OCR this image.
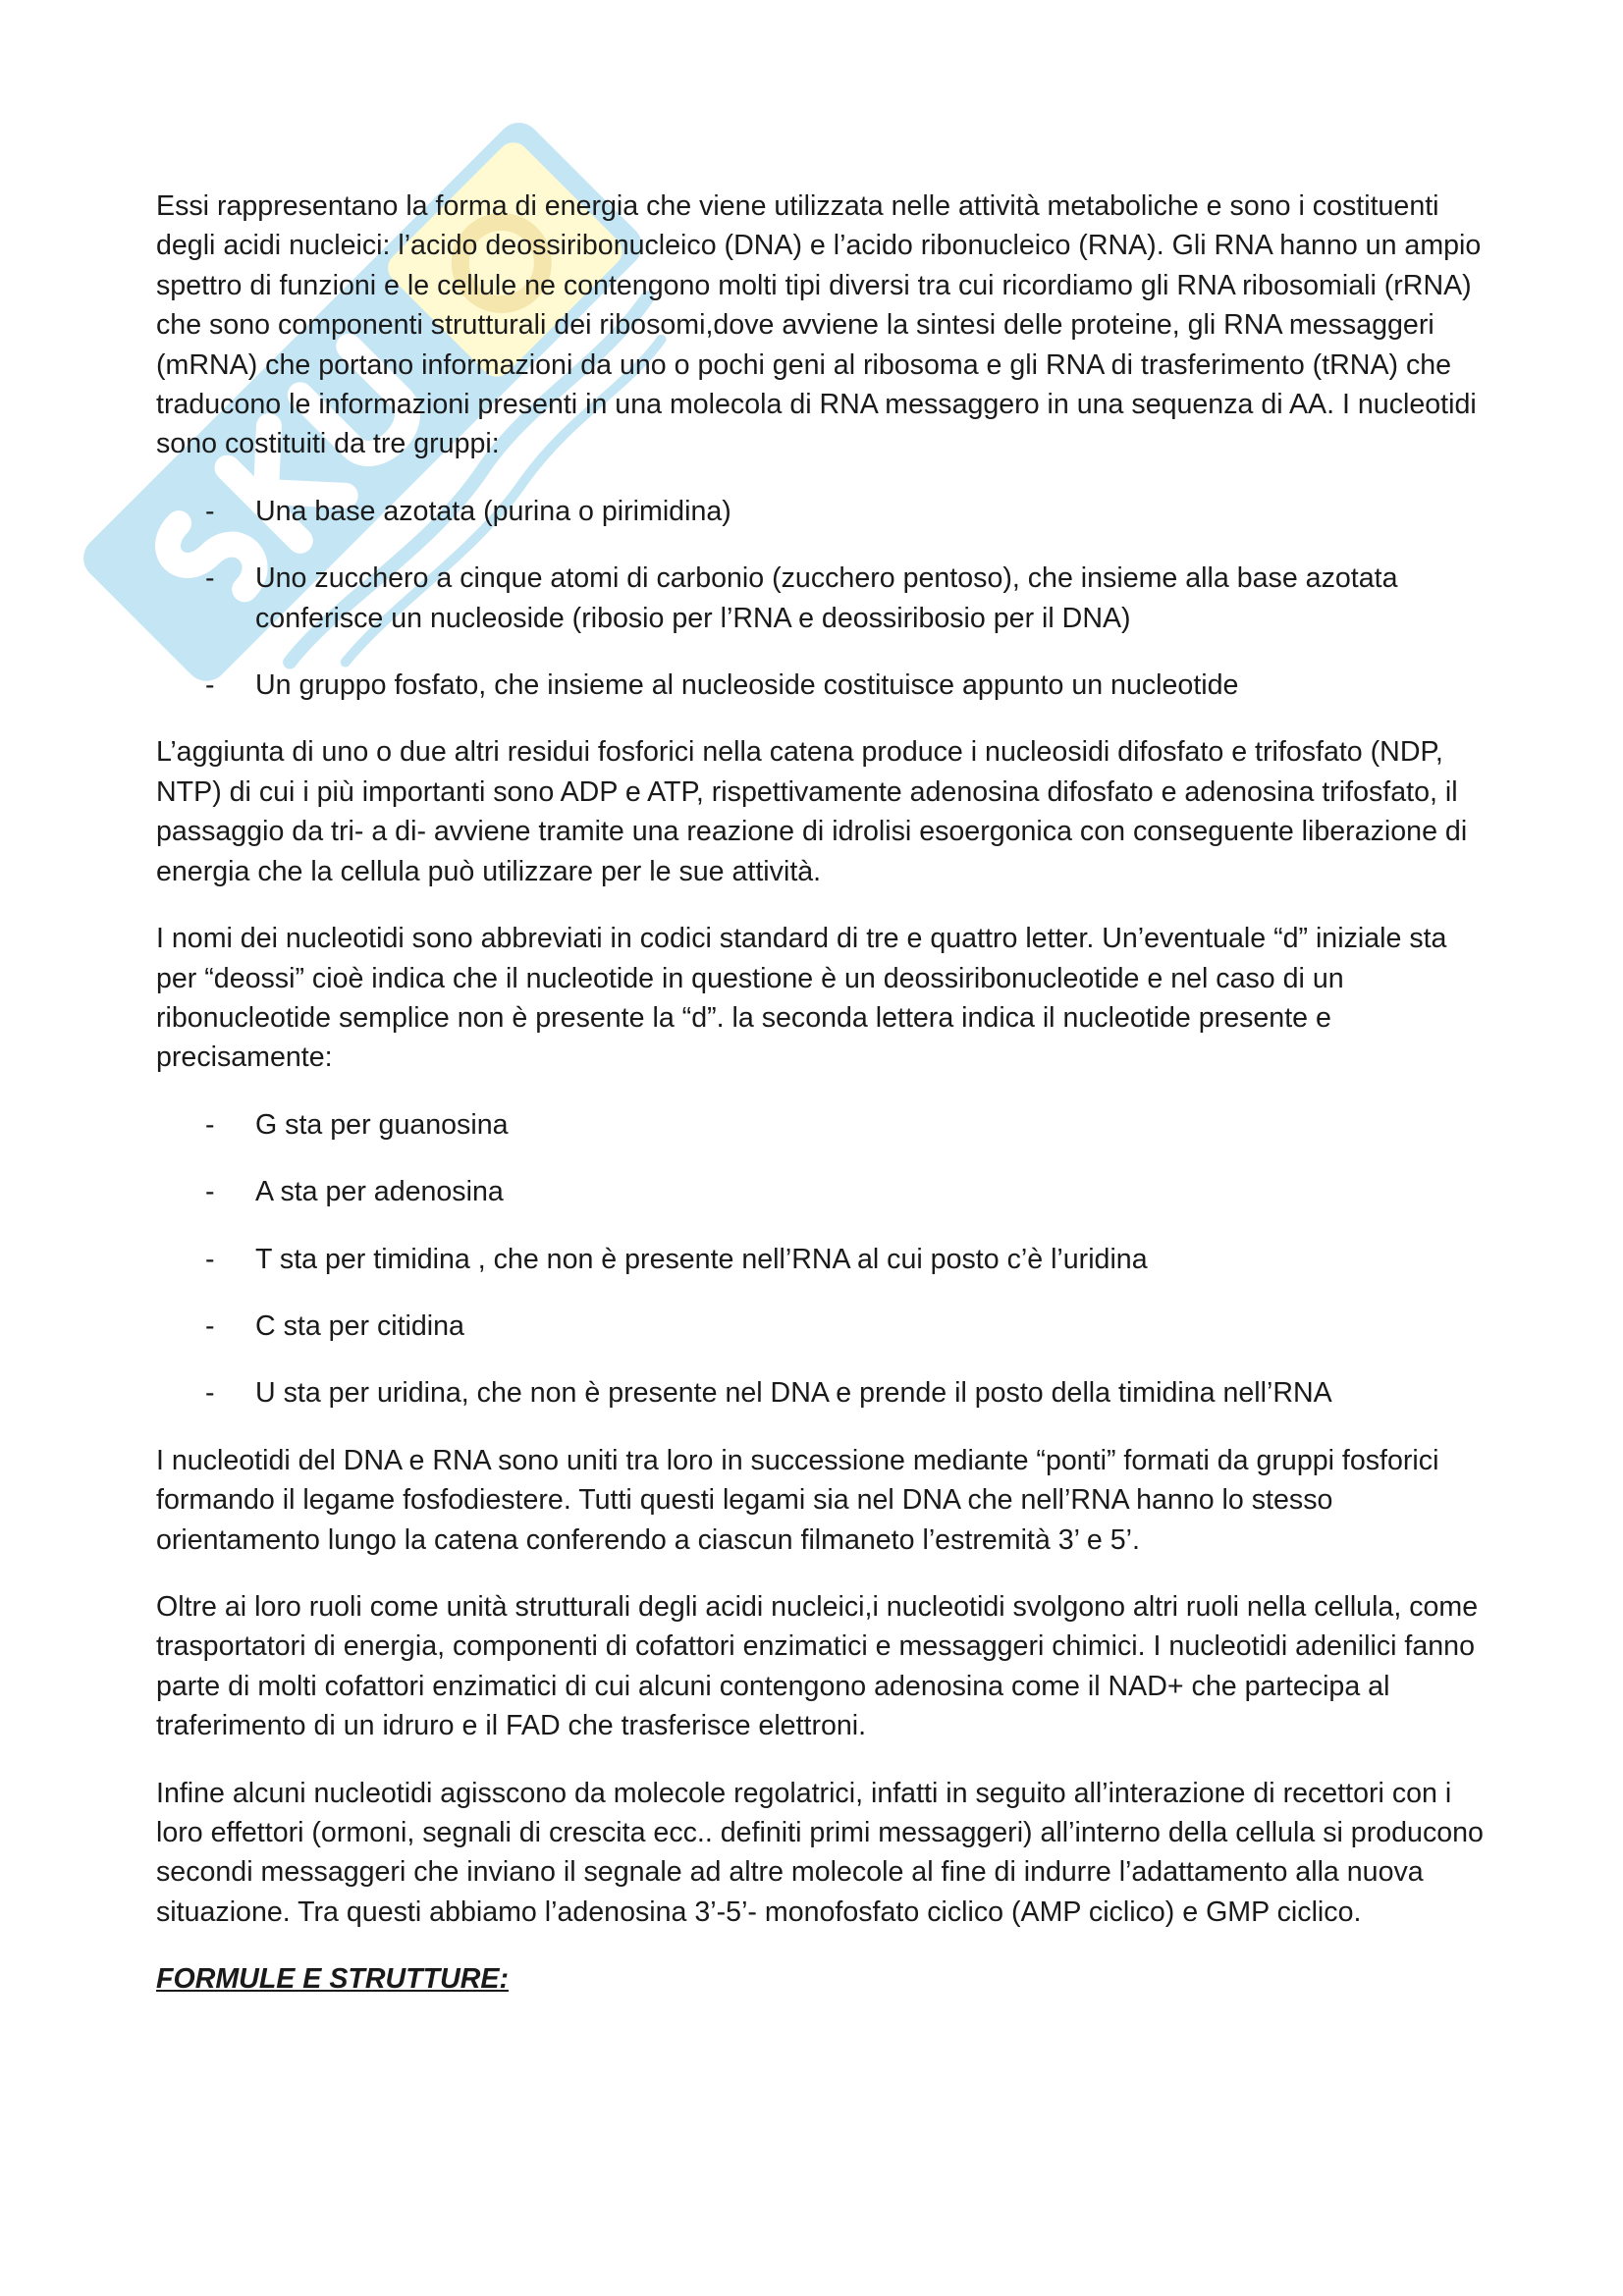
Essi rappresentano la forma di energia che viene utilizzata nelle attività metaboliche e sono i costituenti degli acidi nucleici: l’acido deossiribonucleico (DNA) e l’acido ribonucleico (RNA). Gli RNA hanno un ampio spettro di funzioni e le cellule ne contengono molti tipi diversi tra cui ricordiamo gli RNA ribosomiali (rRNA) che sono componenti strutturali dei ribosomi,dove avviene la sintesi delle proteine, gli RNA messaggeri (mRNA) che portano informazioni da uno o pochi geni al ribosoma e gli RNA di trasferimento (tRNA) che traducono le informazioni presenti in una molecola di RNA messaggero in una sequenza di AA. I nucleotidi sono costituiti da tre gruppi:

- Una base azotata (purina o pirimidina)
- Uno zucchero a cinque atomi di carbonio (zucchero pentoso), che insieme alla base azotata conferisce un nucleoside (ribosio per l’RNA e deossiribosio per il DNA)
- Un gruppo fosfato, che insieme al nucleoside costituisce appunto un nucleotide

L’aggiunta di uno o due altri residui fosforici nella catena produce i nucleosidi difosfato e trifosfato (NDP, NTP) di cui i più importanti sono ADP e ATP, rispettivamente adenosina difosfato e adenosina trifosfato, il passaggio da tri- a di- avviene tramite una reazione di idrolisi esoergonica con conseguente liberazione di energia che la cellula può utilizzare per le sue attività.

I nomi dei nucleotidi sono abbreviati in codici standard di tre e quattro letter. Un’eventuale “d” iniziale sta per “deossi” cioè indica che il nucleotide in questione è un deossiribonucleotide e nel caso di un ribonucleotide semplice non è presente la “d”. la seconda lettera indica il nucleotide presente e precisamente:

- G sta per guanosina
- A sta per adenosina
- T sta per timidina , che non è presente nell’RNA al cui posto c’è l’uridina
- C sta per citidina
- U sta per uridina, che non è presente nel DNA e prende il posto della timidina nell’RNA

I nucleotidi del DNA e RNA sono uniti tra loro in successione mediante “ponti” formati da gruppi fosforici formando il legame fosfodiestere. Tutti questi legami sia nel DNA che nell’RNA hanno lo stesso orientamento lungo la catena conferendo a ciascun filmaneto l’estremità 3’ e 5’.

Oltre ai loro ruoli come unità strutturali degli acidi nucleici,i nucleotidi svolgono altri ruoli nella cellula, come trasportatori di energia, componenti di cofattori enzimatici e messaggeri chimici. I nucleotidi adenilici fanno parte di molti cofattori enzimatici di cui alcuni contengono adenosina come il NAD+ che partecipa al traferimento di un idruro e il FAD che trasferisce elettroni.

Infine alcuni nucleotidi agisscono da molecole regolatrici, infatti in seguito all’interazione di recettori con i loro effettori (ormoni, segnali di crescita ecc.. definiti primi messaggeri) all’interno della cellula si producono secondi messaggeri che inviano il segnale ad altre molecole al fine di indurre l’adattamento alla nuova situazione. Tra questi abbiamo l’adenosina 3’-5’- monofosfato ciclico (AMP ciclico) e GMP ciclico.

FORMULE E STRUTTURE:
